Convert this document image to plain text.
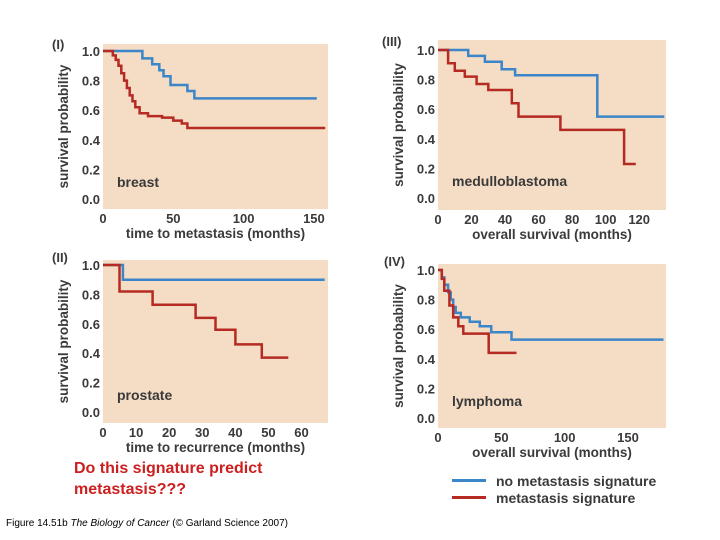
0.0
0.2
0.4
0.6
0.8
1.0
0	50	100	150
time to metastasis (months)
survival probability
(I)
breast
0.0
0.2
0.4
0.6
0.8
1.0
0 10 20 30 40 50 60
time to recurrence (months)
survival probability
(II)
prostate
0.0
0.2
0.4
0.6
0.8
1.0
0 20 40 60 80 100 120
overall survival (months)
survival probability
(III)
medulloblastoma
0.0
0.2
0.4
0.6
0.8
1.0
0	50	100	150
overall survival (months)
survival probability
(IV)
lymphoma
Do this signature predict metastasis???
no metastasis signature
metastasis signature
Figure 14.51b The Biology of Cancer (© Garland Science 2007)
